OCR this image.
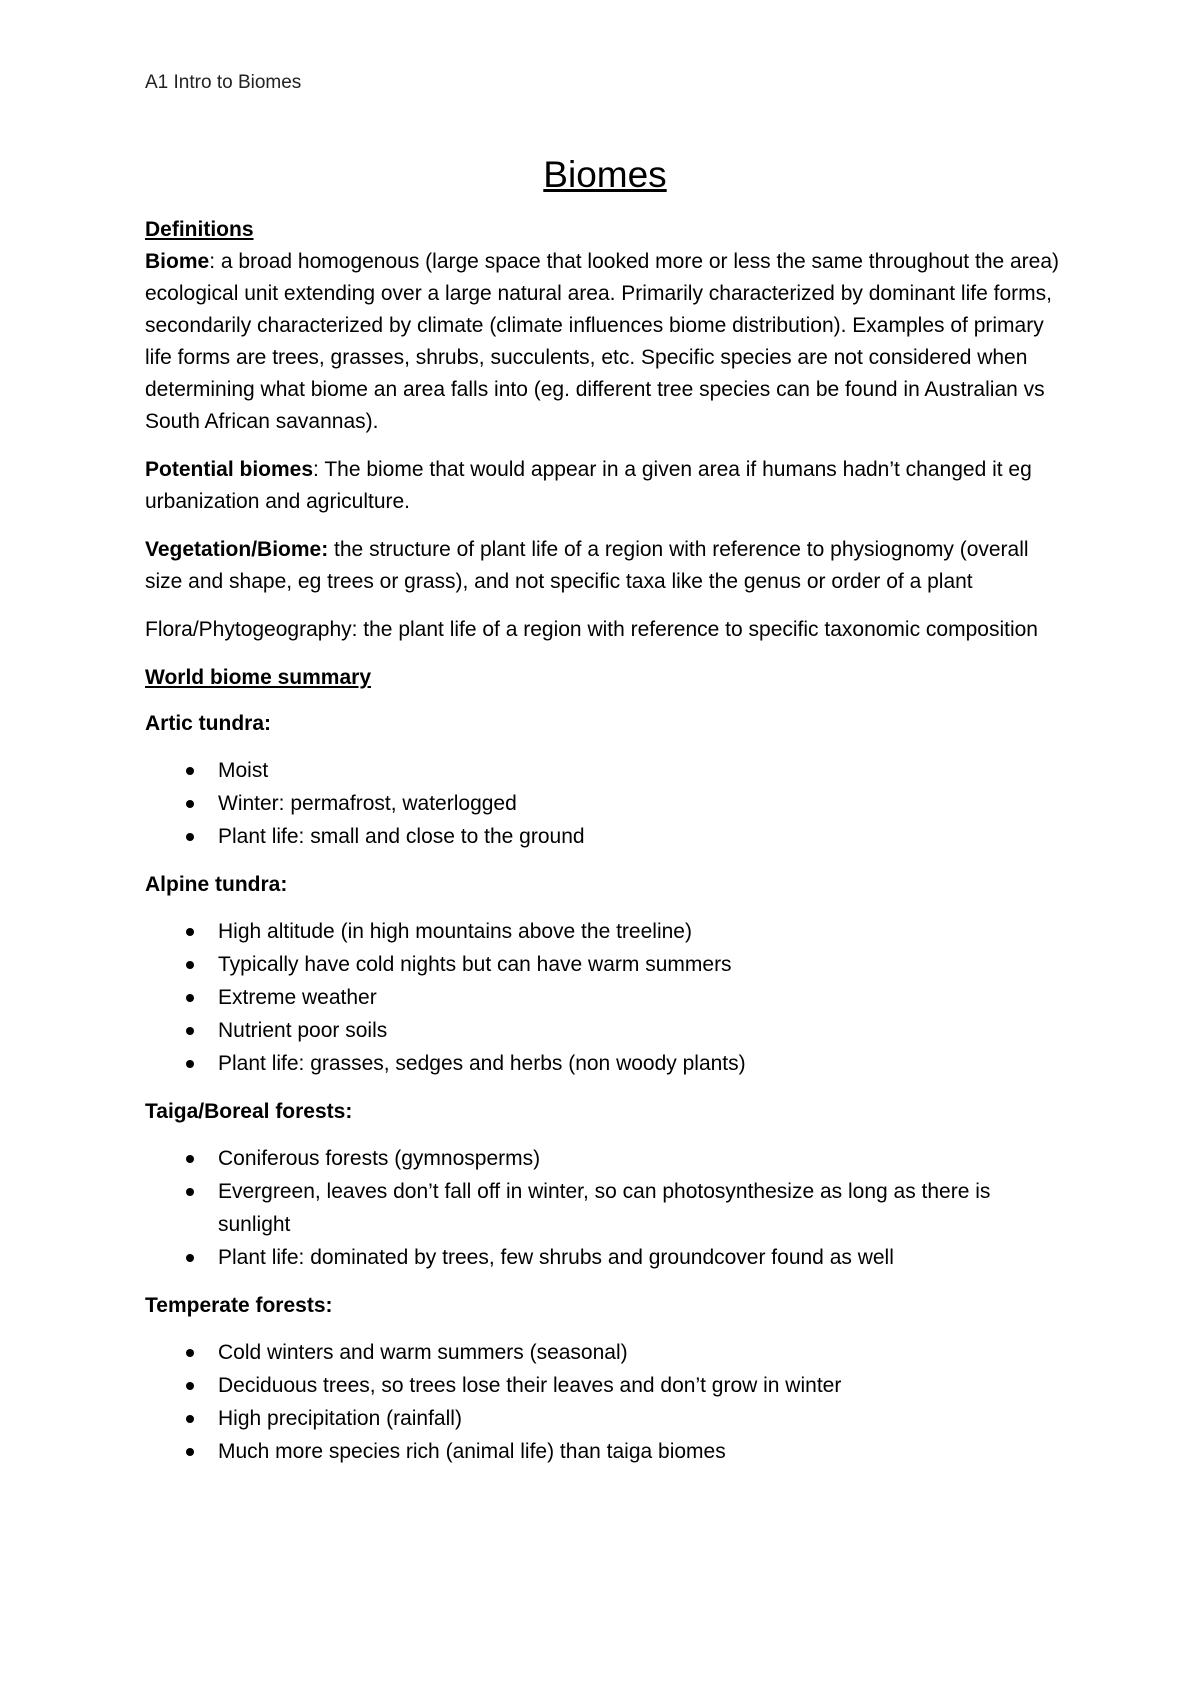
A1 Intro to Biomes
Biomes
Definitions

Biome: a broad homogenous (large space that looked more or less the same throughout the area) ecological unit extending over a large natural area. Primarily characterized by dominant life forms, secondarily characterized by climate (climate influences biome distribution). Examples of primary life forms are trees, grasses, shrubs, succulents, etc. Specific species are not considered when determining what biome an area falls into (eg. different tree species can be found in Australian vs South African savannas).

Potential biomes: The biome that would appear in a given area if humans hadn’t changed it eg urbanization and agriculture.

Vegetation/Biome: the structure of plant life of a region with reference to physiognomy (overall size and shape, eg trees or grass), and not specific taxa like the genus or order of a plant

Flora/Phytogeography: the plant life of a region with reference to specific taxonomic composition

World biome summary

Artic tundra:

Moist
Winter: permafrost, waterlogged
Plant life: small and close to the ground

Alpine tundra:

High altitude (in high mountains above the treeline)
Typically have cold nights but can have warm summers
Extreme weather
Nutrient poor soils
Plant life: grasses, sedges and herbs (non woody plants)

Taiga/Boreal forests:

Coniferous forests (gymnosperms)
Evergreen, leaves don’t fall off in winter, so can photosynthesize as long as there is sunlight
Plant life: dominated by trees, few shrubs and groundcover found as well

Temperate forests:

Cold winters and warm summers (seasonal)
Deciduous trees, so trees lose their leaves and don’t grow in winter
High precipitation (rainfall)
Much more species rich (animal life) than taiga biomes
